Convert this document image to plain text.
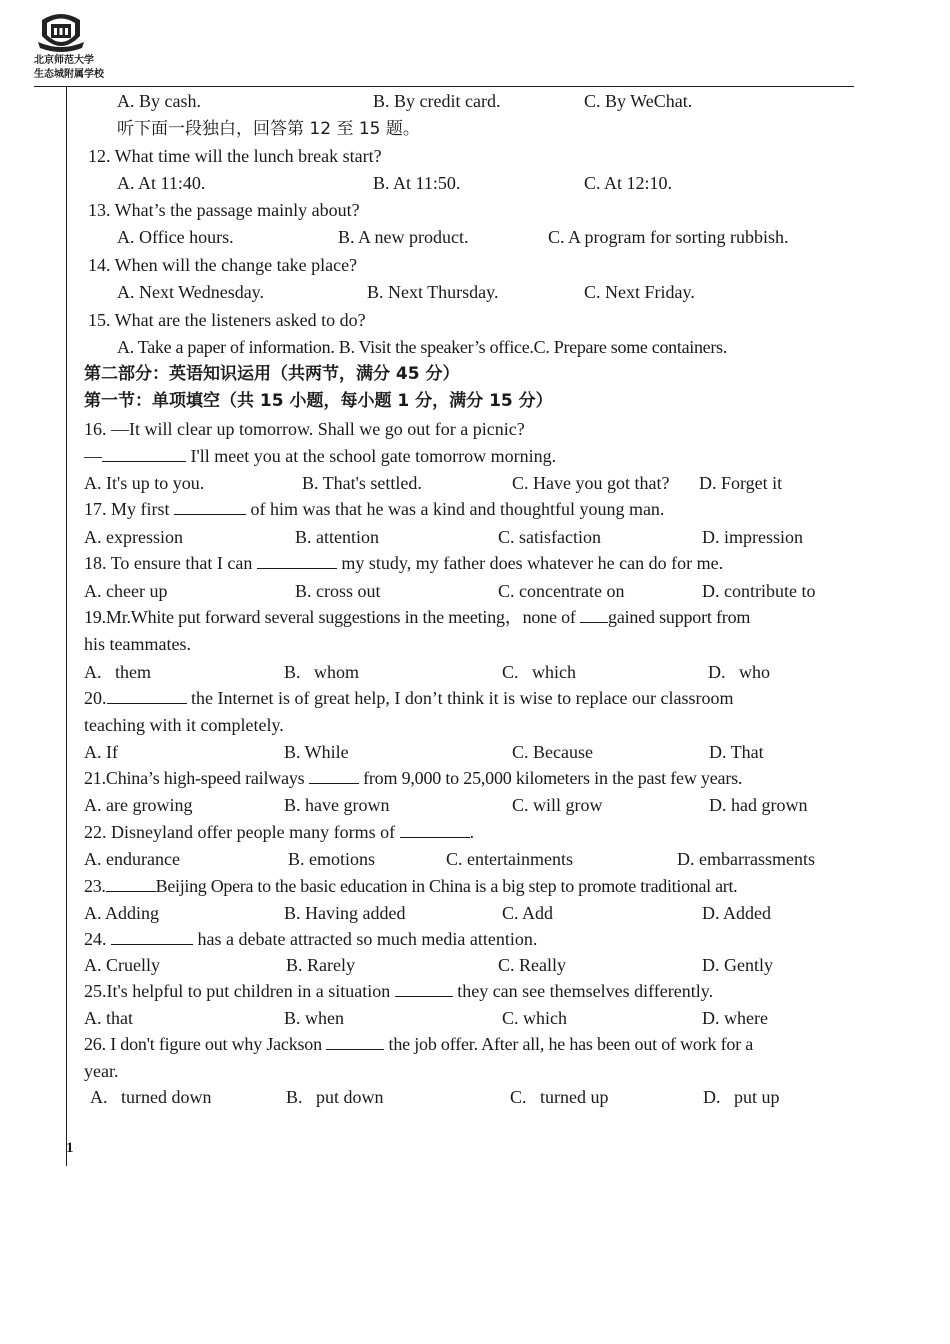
北京师范大学
生态城附属学校
1
A. By cash.	B. By credit card.	C. By WeChat.
听下面一段独白，回答第 12 至 15 题。
12. What time will the lunch break start?
A. At 11:40.	B. At 11:50.	C. At 12:10.
13. What’s the passage mainly about?
A. Office hours.	B. A new product.	C. A program for sorting rubbish.
14. When will the change take place?
A. Next Wednesday.	B. Next Thursday.	C. Next Friday.
15. What are the listeners asked to do?
A. Take a paper of information. B. Visit the speaker’s office.C. Prepare some containers.
第二部分：英语知识运用（共两节，满分 45 分）
第一节：单项填空（共 15 小题，每小题 1 分，满分 15 分）
16. —It will clear up tomorrow. Shall we go out for a picnic?
—	I'll meet you at the school gate tomorrow morning.
A. It's up to you.	B. That's settled.	C. Have you got that? D. Forget it
17. My first	of him was that he was a kind and thoughtful young man.
A. expression	B. attention	C. satisfaction	D. impression
18. To ensure that I can	my study, my father does whatever he can do for me.
A. cheer up	B. cross out	C. concentrate on	D. contribute to
19.Mr.White put forward several suggestions in the meeting，none of gained support from
his teammates.
A.   them	B.   whom	C.   which	D.   who
20.	the Internet is of great help, I don’t think it is wise to replace our classroom
teaching with it completely.
A. If	B. While	C. Because	D. That
21.China’s high-speed railways	from 9,000 to 25,000 kilometers in the past few years.
A. are growing	B. have grown	C. will grow	D. had grown
22. Disneyland offer people many forms of	.
A. endurance	B. emotions	C. entertainments	D. embarrassments
23.	Beijing Opera to the basic education in China is a big step to promote traditional art.
A. Adding	B. Having added	C. Add	D. Added
24.	has a debate attracted so much media attention.
A. Cruelly	B. Rarely	C. Really	D. Gently
25.It's helpful to put children in a situation	they can see themselves differently.
A. that	B. when	C. which	D. where
26. I don't figure out why Jackson	the job offer. After all, he has been out of work for a
year.
A.   turned down	B.   put down	C.   turned up	D.   put up
